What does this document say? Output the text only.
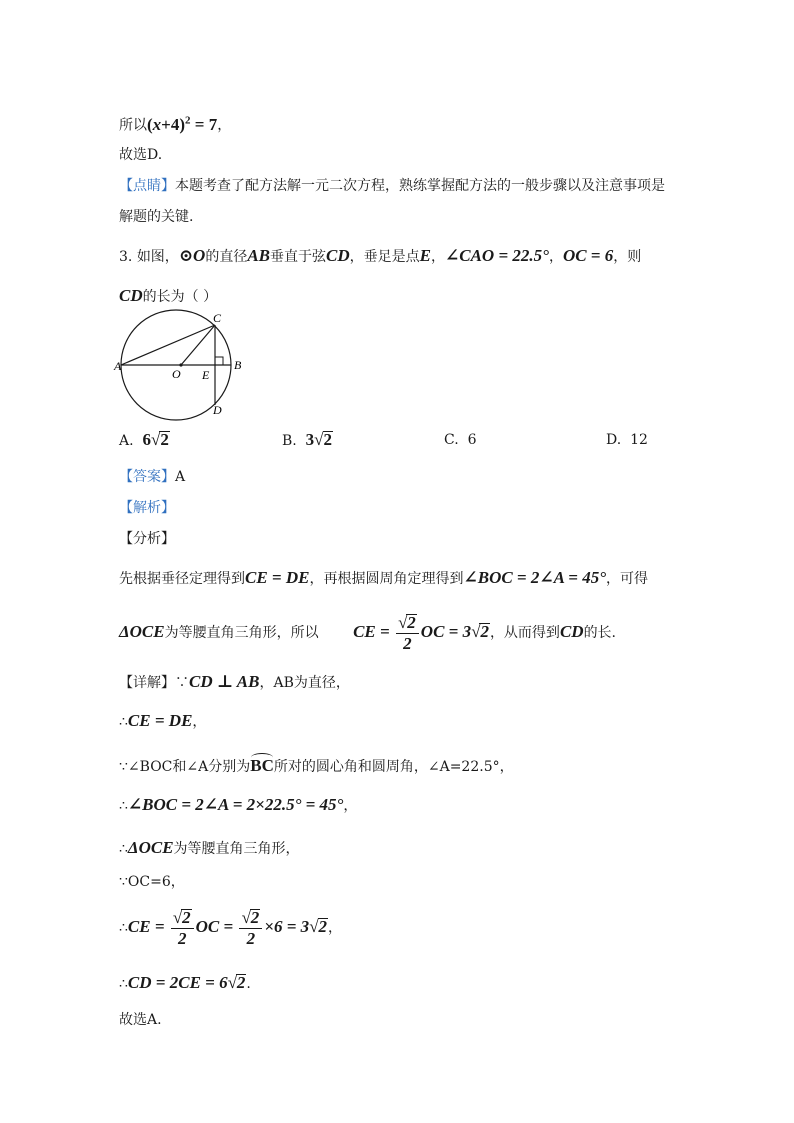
所以$(x+4)^2 = 7$，
故选D.
【点睛】本题考查了配方法解一元二次方程，熟练掌握配方法的一般步骤以及注意事项是
解题的关键.
3. 如图，⊙O的直径AB垂直于弦CD，垂足是点E，∠CAO = 22.5°，OC = 6，则
CD的长为（ ）
C
A	B
O E
D
A. 6√2	B. 3√2	C. 6	D. 12
【答案】A
【解析】
【分析】
先根据垂径定理得到CE = DE，再根据圆周角定理得到∠BOC = 2∠A = 45°，可得
ΔOCE为等腰直角三角形，所以 CE = $\frac{√2}{2}$ OC = 3√2，从而得到CD的长.
【详解】∵CD ⊥ AB，AB为直径，
∴CE = DE，
∵∠BOC和∠A分别为BC所对的圆心角和圆周角，∠A=22.5°，
∴∠BOC = 2∠A = 2×22.5° = 45°，
∴ΔOCE为等腰直角三角形，
∵OC=6，
∴CE = $\frac{√2}{2}$ OC = $\frac{√2}{2} \times 6 = 3√2$，
∴CD = 2CE = 6√2.
故选A.
